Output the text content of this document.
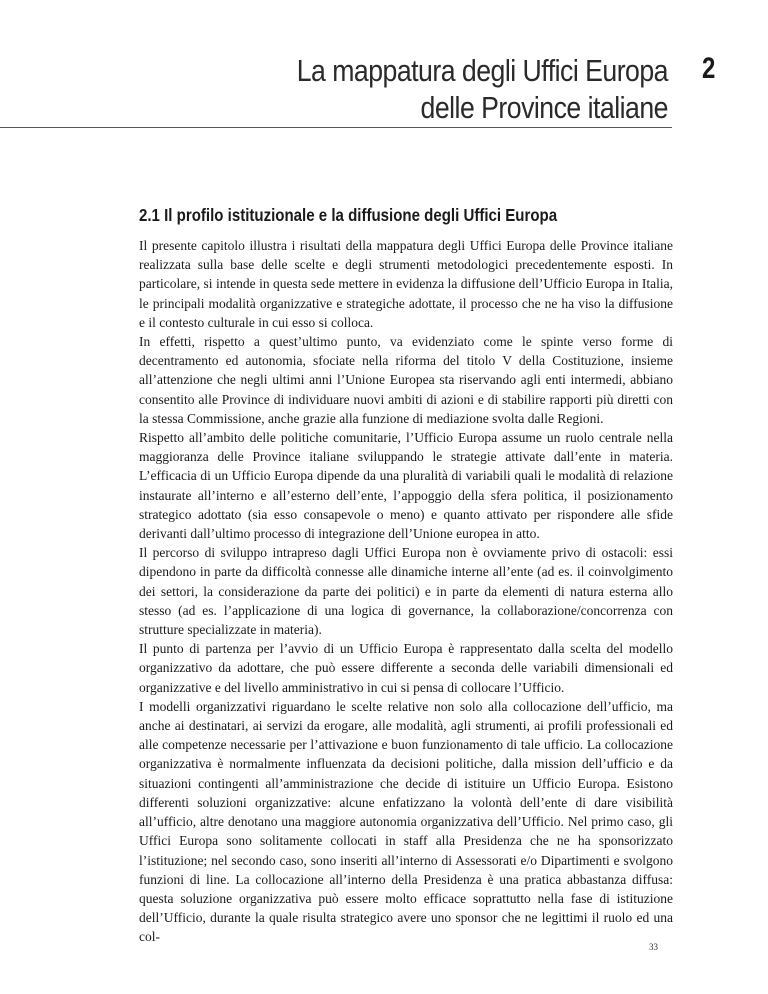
La mappatura degli Uffici Europa
delle Province italiane
2
2.1 Il profilo istituzionale e la diffusione degli Uffici Europa

Il presente capitolo illustra i risultati della mappatura degli Uffici Europa delle Province italiane realizzata sulla base delle scelte e degli strumenti metodologici precedentemente esposti. In particolare, si intende in questa sede mettere in evidenza la diffusione dell’Ufficio Europa in Italia, le principali modalità organizzative e strategiche adottate, il processo che ne ha viso la diffusione e il contesto culturale in cui esso si colloca.

In effetti, rispetto a quest’ultimo punto, va evidenziato come le spinte verso forme di decentramento ed autonomia, sfociate nella riforma del titolo V della Costituzione, insieme all’attenzione che negli ultimi anni l’Unione Europea sta riservando agli enti intermedi, abbiano consentito alle Province di individuare nuovi ambiti di azioni e di stabilire rapporti più diretti con la stessa Commissione, anche grazie alla funzione di mediazione svolta dalle Regioni.

Rispetto all’ambito delle politiche comunitarie, l’Ufficio Europa assume un ruolo centrale nella maggioranza delle Province italiane sviluppando le strategie attivate dall’ente in materia. L’efficacia di un Ufficio Europa dipende da una pluralità di variabili quali le modalità di relazione instaurate all’interno e all’esterno dell’ente, l’appoggio della sfera politica, il posizionamento strategico adottato (sia esso consapevole o meno) e quanto attivato per rispondere alle sfide derivanti dall’ultimo processo di integrazione dell’Unione europea in atto.

Il percorso di sviluppo intrapreso dagli Uffici Europa non è ovviamente privo di ostacoli: essi dipendono in parte da difficoltà connesse alle dinamiche interne all’ente (ad es. il coinvolgimento dei settori, la considerazione da parte dei politici) e in parte da elementi di natura esterna allo stesso (ad es. l’applicazione di una logica di governance, la collaborazione/concorrenza con strutture specializzate in materia).

Il punto di partenza per l’avvio di un Ufficio Europa è rappresentato dalla scelta del modello organizzativo da adottare, che può essere differente a seconda delle variabili dimensionali ed organizzative e del livello amministrativo in cui si pensa di collocare l’Ufficio.

I modelli organizzativi riguardano le scelte relative non solo alla collocazione dell’ufficio, ma anche ai destinatari, ai servizi da erogare, alle modalità, agli strumenti, ai profili professionali ed alle competenze necessarie per l’attivazione e buon funzionamento di tale ufficio. La collocazione organizzativa è normalmente influenzata da decisioni politiche, dalla mission dell’ufficio e da situazioni contingenti all’amministrazione che decide di istituire un Ufficio Europa. Esistono differenti soluzioni organizzative: alcune enfatizzano la volontà dell’ente di dare visibilità all’ufficio, altre denotano una maggiore autonomia organizzativa dell’Ufficio. Nel primo caso, gli Uffici Europa sono solitamente collocati in staff alla Presidenza che ne ha sponsorizzato l’istituzione; nel secondo caso, sono inseriti all’interno di Assessorati e/o Dipartimenti e svolgono funzioni di line. La collocazione all’interno della Presidenza è una pratica abbastanza diffusa: questa soluzione organizzativa può essere molto efficace soprattutto nella fase di istituzione dell’Ufficio, durante la quale risulta strategico avere uno sponsor che ne legittimi il ruolo ed una col-

33
